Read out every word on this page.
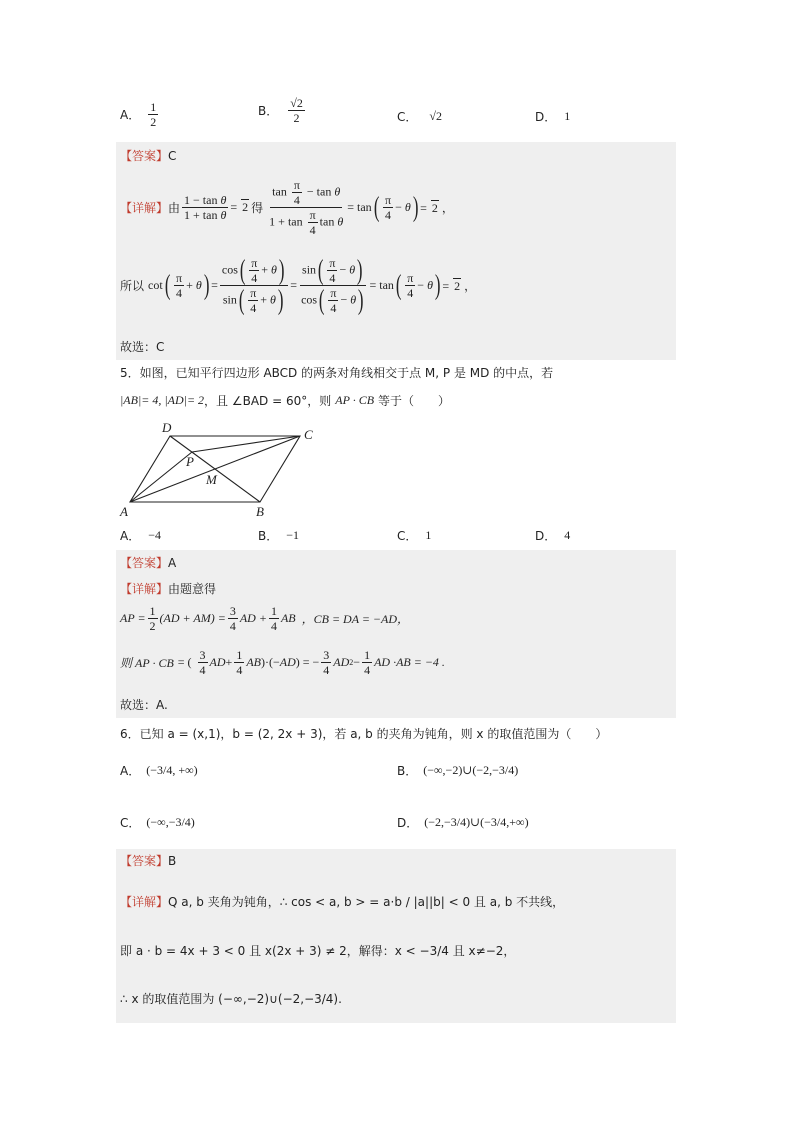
A． $\frac{1}{2}$	B． $\frac{√2}{2}$	C． √2	D． 1
【答案】 C
【详解】 由 $\frac{\text{1 − tan θ}}{\text{1 + tan θ}} = 2$ 得 $\frac{\tan \frac{\pi}{4} - \tan \theta}{1 + \tan \frac{\pi}{4} \tan \theta} = \tan$ ( $\frac{\pi}{4} - \theta$ ) = 2 ，
所以 cot ( $\frac{\pi}{4} + \theta$ ) = $\frac{\cos( \frac{\pi}{4} + \theta)}{\sin( \frac{\pi}{4} + \theta)} = \frac{\sin( \frac{\pi}{4} - \theta)}{\cos( \frac{\pi}{4} - \theta)} = \tan$ ( $\frac{\pi}{4} - \theta$ ) = 2 ，
故选：C
5．如图，已知平行四边形 ABCD 的两条对角线相交于点 M, P 是 MD 的中点，若
|AB|= 4, |AD|= 2 ，且 ∠BAD = 60°，则 AP · CB 等于（　　）
D	C
P
M
A	B
A． −4	B． −1	C． 1	D． 4
【答案】 A
【详解】 由题意得
AP = $\frac{1}{2} (AD + AM) = \frac{3}{4}$ AD + $\frac{1}{4}$ AB ，CB = DA = −AD，
则 AP · CB = ( $\frac{3}{4}$ AD + $\frac{1}{4}$ AB )·(−AD) = − $\frac{3}{4}$ AD $2 - \frac{1}{4}$ AD ·AB = −4 .
故选：A.
6．已知 a = (x,1)，b = (2, 2x + 3)，若 a, b 的夹角为钝角，则 x 的取值范围为（　　）
A． (−3/4, +∞)	B． (−∞,−2)∪(−2,−3/4)
C． (−∞,−3/4)	D． (−2,−3/4)∪(−3/4,+∞)
【答案】 B
【详解】 Q a, b 夹角为钝角，∴ cos < a, b > = a·b / |a||b| < 0 且 a, b 不共线，
即 a · b = 4x + 3 < 0 且 x(2x + 3) ≠ 2，解得：x < −3/4 且 x≠−2，
∴ x 的取值范围为 (−∞,−2)∪(−2,−3/4).
